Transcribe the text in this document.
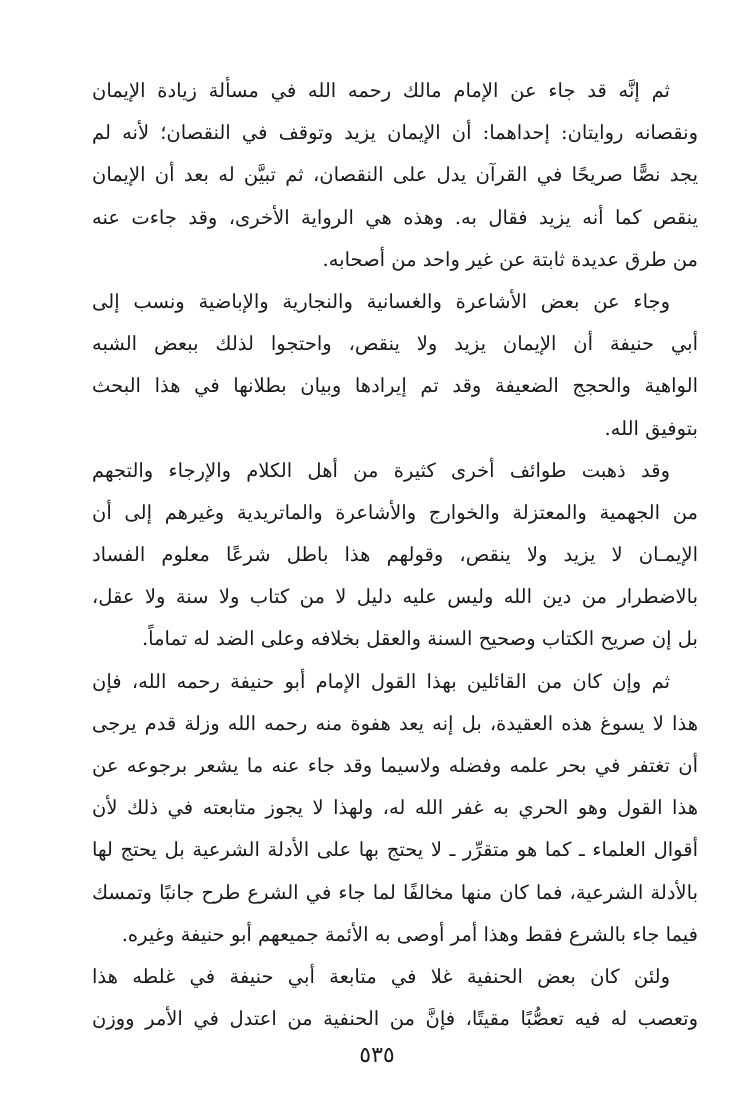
ثم إنَّه قد جاء عن الإمام مالك رحمه الله في مسألة زيادة الإيمان
ونقصانه روايتان: إحداهما: أن الإيمان يزيد وتوقف في النقصان؛ لأنه لم
يجد نصًّا صريحًا في القرآن يدل على النقصان، ثم تبيَّن له بعد أن الإيمان
ينقص كما أنه يزيد فقال به. وهذه هي الرواية الأخرى، وقد جاءت عنه
من طرق عديدة ثابتة عن غير واحد من أصحابه.
وجاء عن بعض الأشاعرة والغسانية والنجارية والإباضية ونسب إلى
أبي حنيفة أن الإيمان يزيد ولا ينقص، واحتجوا لذلك ببعض الشبه
الواهية والحجج الضعيفة وقد تم إيرادها وبيان بطلانها في هذا البحث
بتوفيق الله.
وقد ذهبت طوائف أخرى كثيرة من أهل الكلام والإرجاء والتجهم
من الجهمية والمعتزلة والخوارج والأشاعرة والماتريدية وغيرهم إلى أن
الإيمـان لا يزيد ولا ينقص، وقولهم هذا باطل شرعًا معلوم الفساد
بالاضطرار من دين الله وليس عليه دليل لا من كتاب ولا سنة ولا عقل،
بل إن صريح الكتاب وصحيح السنة والعقل بخلافه وعلى الضد له تماماً.
ثم وإن كان من القائلين بهذا القول الإمام أبو حنيفة رحمه الله، فإن
هذا لا يسوغ هذه العقيدة، بل إنه يعد هفوة منه رحمه الله وزلة قدم يرجى
أن تغتفر في بحر علمه وفضله ولاسيما وقد جاء عنه ما يشعر برجوعه عن
هذا القول وهو الحري به غفر الله له، ولهذا لا يجوز متابعته في ذلك لأن
أقوال العلماء ـ كما هو متقرِّر ـ لا يحتج بها على الأدلة الشرعية بل يحتج لها
بالأدلة الشرعية، فما كان منها مخالفًا لما جاء في الشرع طرح جانبًا وتمسك
فيما جاء بالشرع فقط وهذا أمر أوصى به الأئمة جميعهم أبو حنيفة وغيره.
ولئن كان بعض الحنفية غلا في متابعة أبي حنيفة في غلطه هذا
وتعصب له فيه تعصُّبًا مقيتًا، فإنَّ من الحنفية من اعتدل في الأمر ووزن
٥٣٥
